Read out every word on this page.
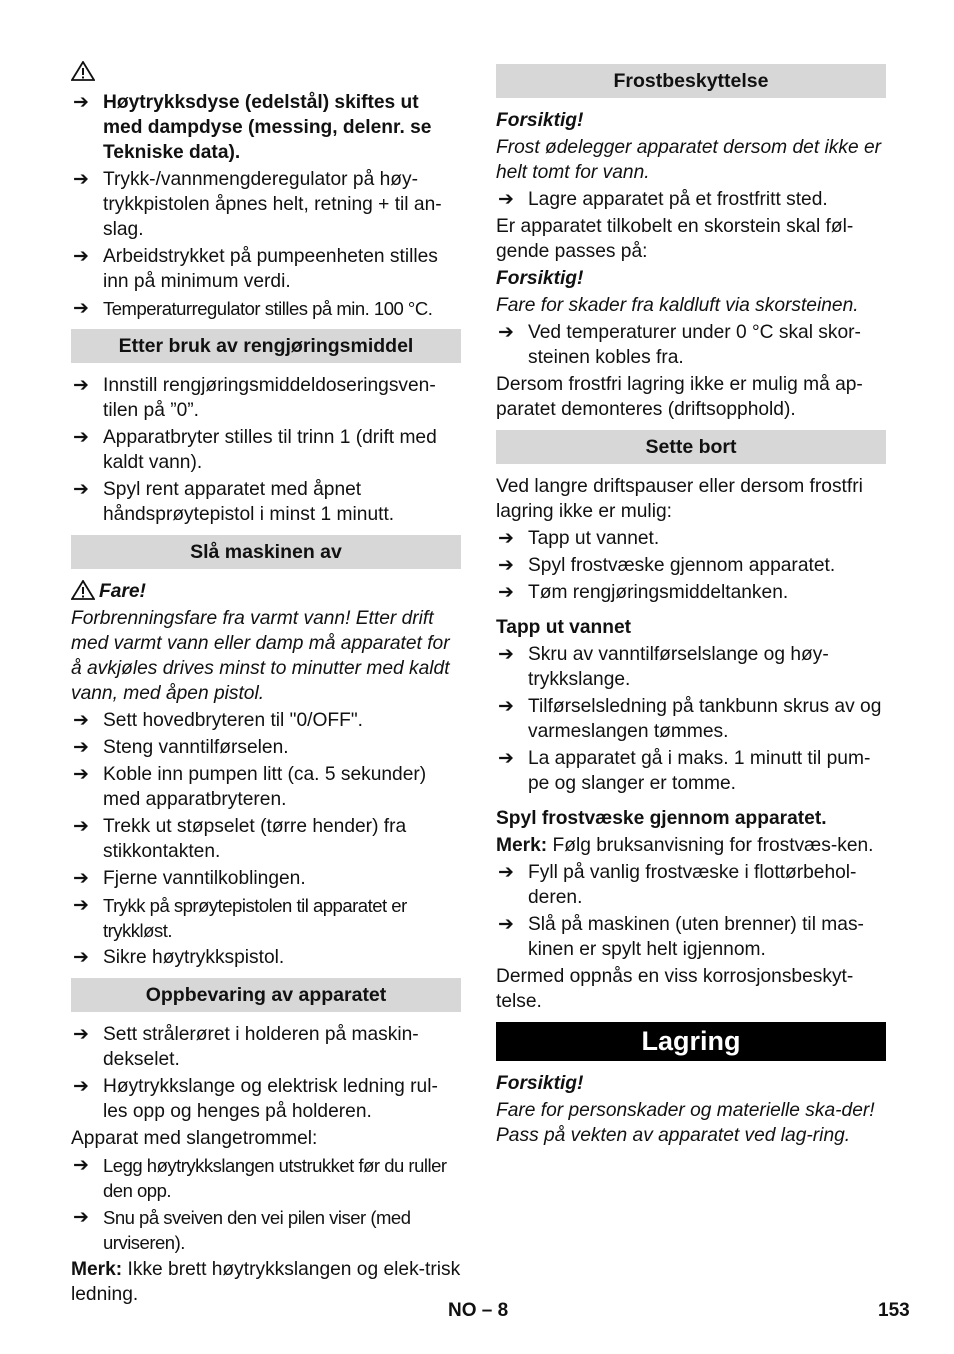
➔ Høytrykksdyse (edelstål) skiftes ut med dampdyse (messing, delenr. se Tekniske data).
➔ Trykk-/vannmengderegulator på høy-trykkpistolen åpnes helt, retning + til an-slag.
➔ Arbeidstrykket på pumpeenheten stilles inn på minimum verdi.
➔ Temperaturregulator stilles på min. 100 °C.
Etter bruk av rengjøringsmiddel
➔ Innstill rengjøringsmiddeldoseringsven-tilen på ”0”.
➔ Apparatbryter stilles til trinn 1 (drift med kaldt vann).
➔ Spyl rent apparatet med åpnet håndsprøytepistol i minst 1 minutt.
Slå maskinen av
Fare!
Forbrenningsfare fra varmt vann! Etter drift med varmt vann eller damp må apparatet for å avkjøles drives minst to minutter med kaldt vann, med åpen pistol.
➔ Sett hovedbryteren til "0/OFF".
➔ Steng vanntilførselen.
➔ Koble inn pumpen litt (ca. 5 sekunder) med apparatbryteren.
➔ Trekk ut støpselet (tørre hender) fra stikkontakten.
➔ Fjerne vanntilkoblingen.
➔ Trykk på sprøytepistolen til apparatet er trykkløst.
➔ Sikre høytrykkspistol.
Oppbevaring av apparatet
➔ Sett strålerøret i holderen på maskin-dekselet.
➔ Høytrykkslange og elektrisk ledning rul-les opp og henges på holderen.
Apparat med slangetrommel:
➔ Legg høytrykkslangen utstrukket før du ruller den opp.
➔ Snu på sveiven den vei pilen viser (med urviseren).
Merk: Ikke brett høytrykkslangen og elek-trisk ledning.
Frostbeskyttelse
Forsiktig!
Frost ødelegger apparatet dersom det ikke er helt tomt for vann.
➔ Lagre apparatet på et frostfritt sted.
Er apparatet tilkobelt en skorstein skal føl-gende passes på:
Forsiktig!
Fare for skader fra kaldluft via skorsteinen.
➔ Ved temperaturer under 0 °C skal skor-steinen kobles fra.
Dersom frostfri lagring ikke er mulig må ap-paratet demonteres (driftsopphold).
Sette bort
Ved langre driftspauser eller dersom frostfri lagring ikke er mulig:
➔ Tapp ut vannet.
➔ Spyl frostvæske gjennom apparatet.
➔ Tøm rengjøringsmiddeltanken.
Tapp ut vannet
➔ Skru av vanntilførselslange og høy-trykkslange.
➔ Tilførselsledning på tankbunn skrus av og varmeslangen tømmes.
➔ La apparatet gå i maks. 1 minutt til pum-pe og slanger er tomme.
Spyl frostvæske gjennom apparatet.
Merk: Følg bruksanvisning for frostvæs-ken.
➔ Fyll på vanlig frostvæske i flottørbehol-deren.
➔ Slå på maskinen (uten brenner) til mas-kinen er spylt helt igjennom.
Dermed oppnås en viss korrosjonsbeskyt-telse.
Lagring
Forsiktig!
Fare for personskader og materielle ska-der! Pass på vekten av apparatet ved lag-ring.
NO – 8	153
